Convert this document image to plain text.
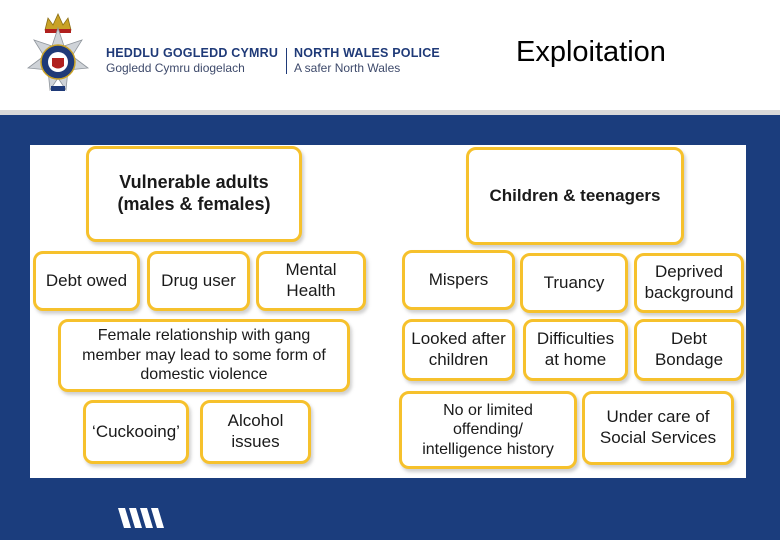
HEDDLU GOGLEDD CYMRU
Gogledd Cymru diogelach
NORTH WALES POLICE
A safer North Wales	Exploitation
Vulnerable adults
(males & females)
Debt owed	Drug user
Mental
Health
Female relationship with gang
member may lead to some form of
domestic violence
‘Cuckooing’
Alcohol
issues
Children & teenagers
Mispers	Truancy
Deprived
background
Looked after
children
Difficulties
at home
Debt
Bondage
No or limited
offending/
intelligence history
Under care of
Social Services
